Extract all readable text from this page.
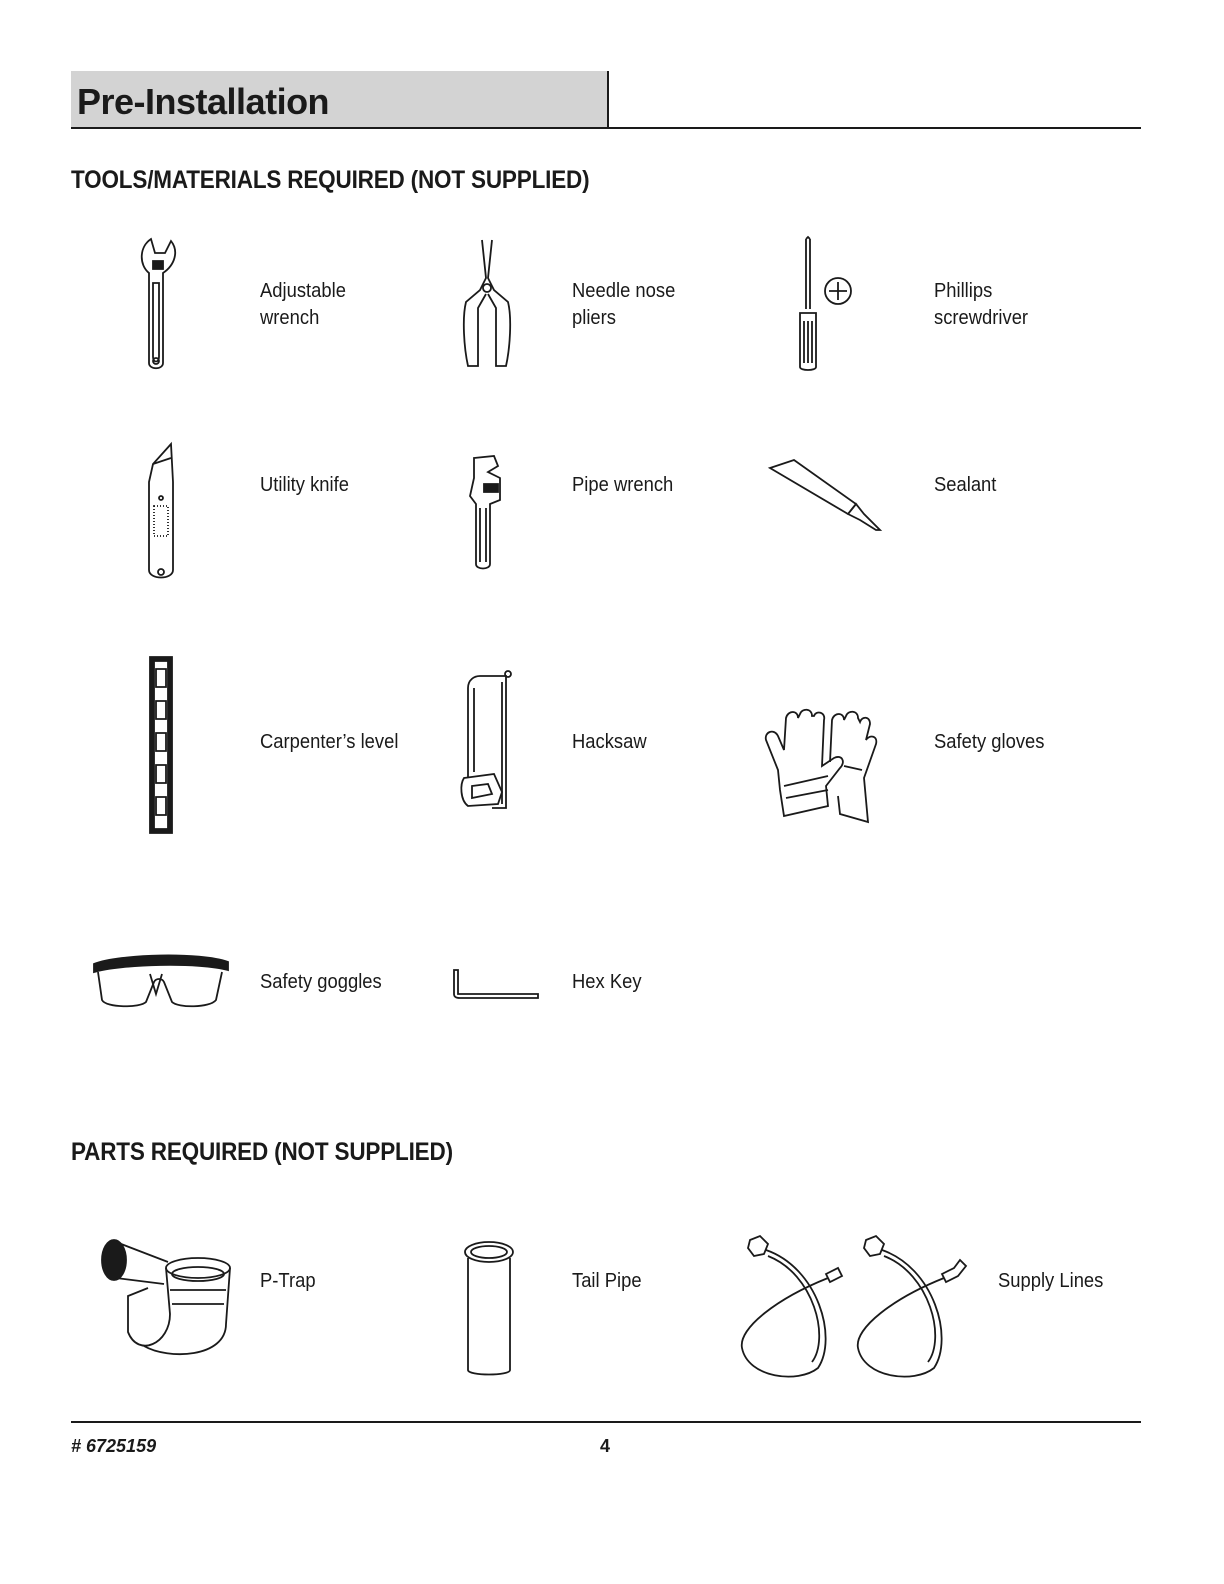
Pre-Installation
TOOLS/MATERIALS REQUIRED (NOT SUPPLIED)
Adjustable
wrench
Needle nose
pliers
Phillips
screwdriver
Utility knife	Pipe wrench	Sealant
Carpenter’s level	Hacksaw	Safety gloves
Safety goggles	Hex Key
PARTS REQUIRED (NOT SUPPLIED)
P-Trap	Tail Pipe	Supply Lines
# 6725159	4
